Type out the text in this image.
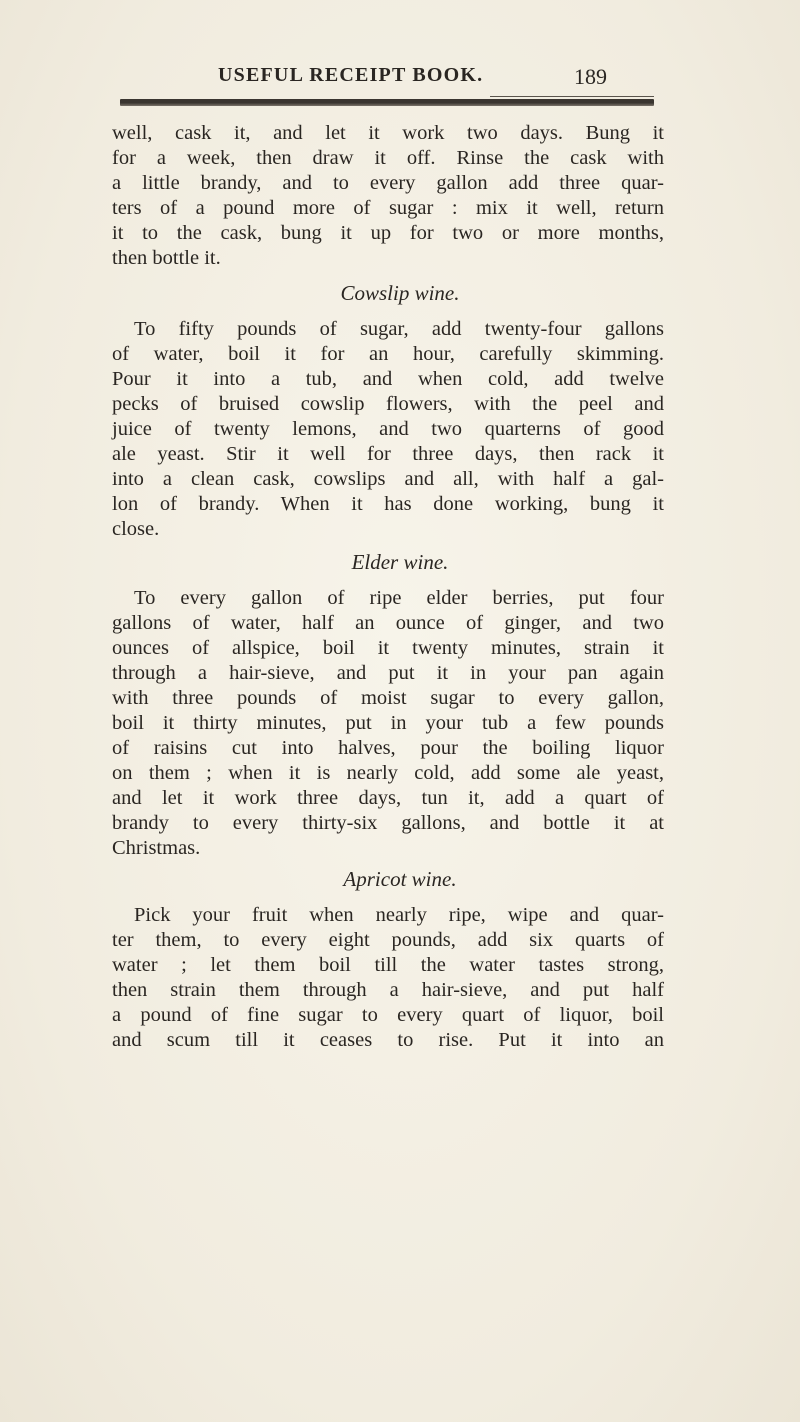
USEFUL RECEIPT BOOK.	189
well, cask it, and let it work two days. Bung it
for a week, then draw it off. Rinse the cask with
a little brandy, and to every gallon add three quar-
ters of a pound more of sugar : mix it well, return
it to the cask, bung it up for two or more months,
then bottle it.
Cowslip wine.
To fifty pounds of sugar, add twenty-four gallons
of water, boil it for an hour, carefully skimming.
Pour it into a tub, and when cold, add twelve
pecks of bruised cowslip flowers, with the peel and
juice of twenty lemons, and two quarterns of good
ale yeast. Stir it well for three days, then rack it
into a clean cask, cowslips and all, with half a gal-
lon of brandy. When it has done working, bung it
close.
Elder wine.
To every gallon of ripe elder berries, put four
gallons of water, half an ounce of ginger, and two
ounces of allspice, boil it twenty minutes, strain it
through a hair-sieve, and put it in your pan again
with three pounds of moist sugar to every gallon,
boil it thirty minutes, put in your tub a few pounds
of raisins cut into halves, pour the boiling liquor
on them ; when it is nearly cold, add some ale yeast,
and let it work three days, tun it, add a quart of
brandy to every thirty-six gallons, and bottle it at
Christmas.
Apricot wine.
Pick your fruit when nearly ripe, wipe and quar-
ter them, to every eight pounds, add six quarts of
water ; let them boil till the water tastes strong,
then strain them through a hair-sieve, and put half
a pound of fine sugar to every quart of liquor, boil
and scum till it ceases to rise. Put it into an
